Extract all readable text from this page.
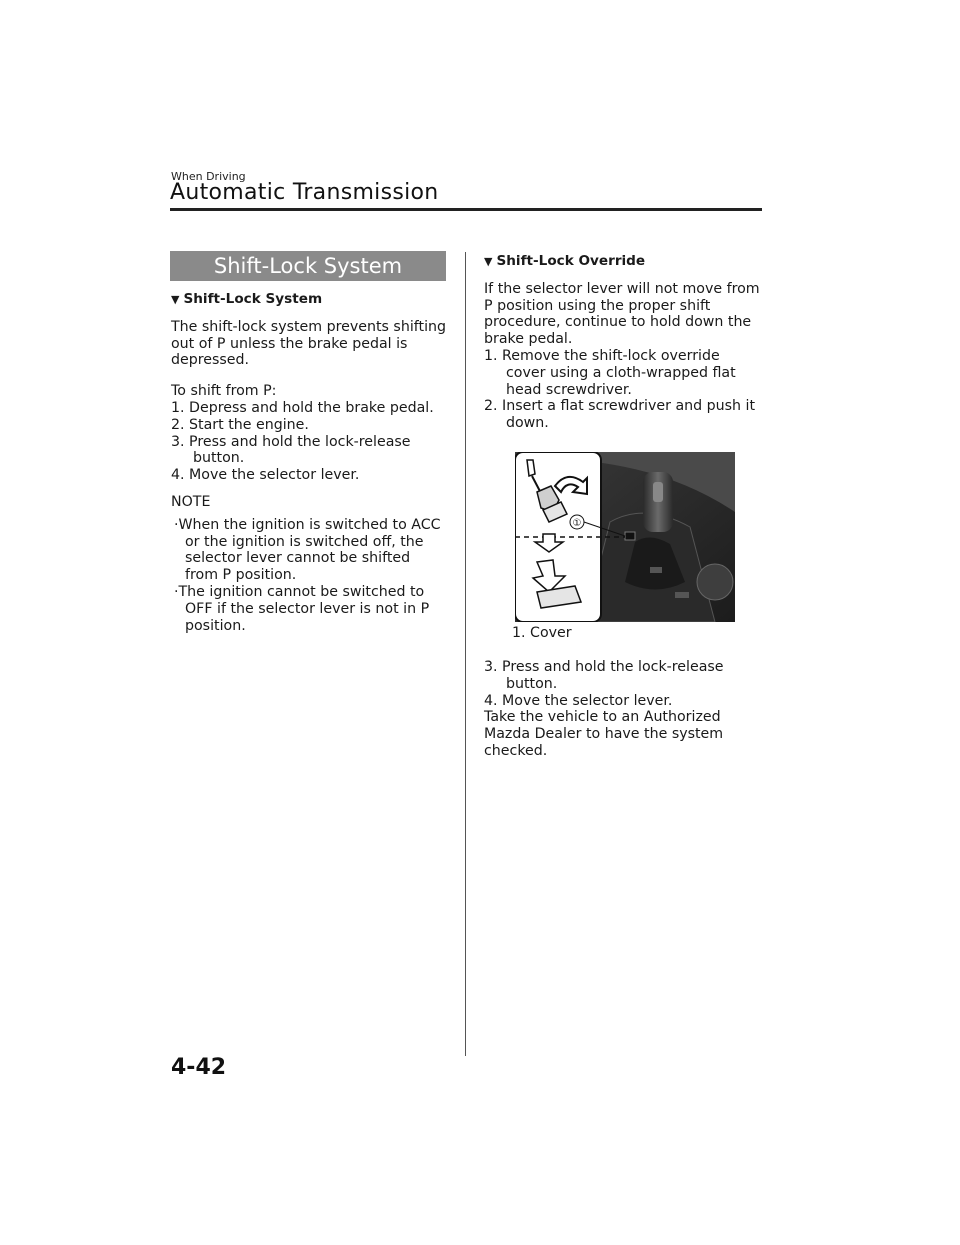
When Driving
Automatic Transmission
Shift-Lock System

▼ Shift-Lock System

The shift-lock system prevents shifting out of P unless the brake pedal is depressed.

To shift from P:

1. Depress and hold the brake pedal.

2. Start the engine.

3. Press and hold the lock-release button.

4. Move the selector lever.

NOTE

·When the ignition is switched to ACC or the ignition is switched off, the selector lever cannot be shifted from P position.

·The ignition cannot be switched to OFF if the selector lever is not in P position.

▼ Shift-Lock Override

If the selector lever will not move from P position using the proper shift procedure, continue to hold down the brake pedal.

1. Remove the shift-lock override cover using a cloth-wrapped flat head screwdriver.

2. Insert a flat screwdriver and push it down.

①
1. Cover

3. Press and hold the lock-release button.

4. Move the selector lever.

Take the vehicle to an Authorized Mazda Dealer to have the system checked.

4-42
